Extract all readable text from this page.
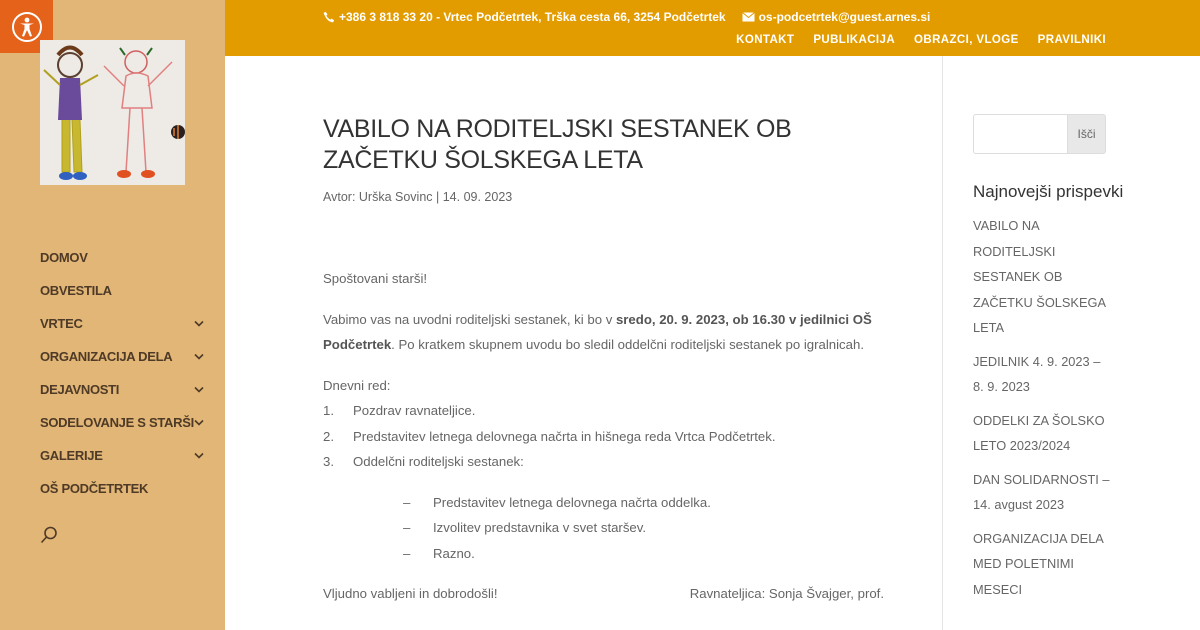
DOMOV
OBVESTILA
VRTEC
ORGANIZACIJA DELA
DEJAVNOSTI
SODELOVANJE S STARŠI
GALERIJE
OŠ PODČETRTEK
+386 3 818 33 20 - Vrtec Podčetrtek, Trška cesta 66, 3254 Podčetrtek	os-podcetrtek@guest.arnes.si
KONTAKT PUBLIKACIJA OBRAZCI, VLOGE PRAVILNIKI
VABILO NA RODITELJSKI SESTANEK OB ZAČETKU ŠOLSKEGA LETA
Avtor: Urška Sovinc | 14. 09. 2023

Spoštovani starši!

Vabimo vas na uvodni roditeljski sestanek, ki bo v sredo, 20. 9. 2023, ob 16.30 v jedilnici OŠ Podčetrtek. Po kratkem skupnem uvodu bo sledil oddelčni roditeljski sestanek po igralnicah.

Dnevni red:
1.	Pozdrav ravnateljice.
2.	Predstavitev letnega delovnega načrta in hišnega reda Vrtca Podčetrtek.
3.	Oddelčni roditeljski sestanek:
–	Predstavitev letnega delovnega načrta oddelka.
–	Izvolitev predstavnika v svet staršev.
–	Razno.
Vljudno vabljeni in dobrodošli!	Ravnateljica: Sonja Švajger, prof.
Išči
Najnovejši prispevki
VABILO NA RODITELJSKI SESTANEK OB ZAČETKU ŠOLSKEGA LETA
JEDILNIK 4. 9. 2023 – 8. 9. 2023
ODDELKI ZA ŠOLSKO LETO 2023/2024
DAN SOLIDARNOSTI – 14. avgust 2023
ORGANIZACIJA DELA MED POLETNIMI MESECI
